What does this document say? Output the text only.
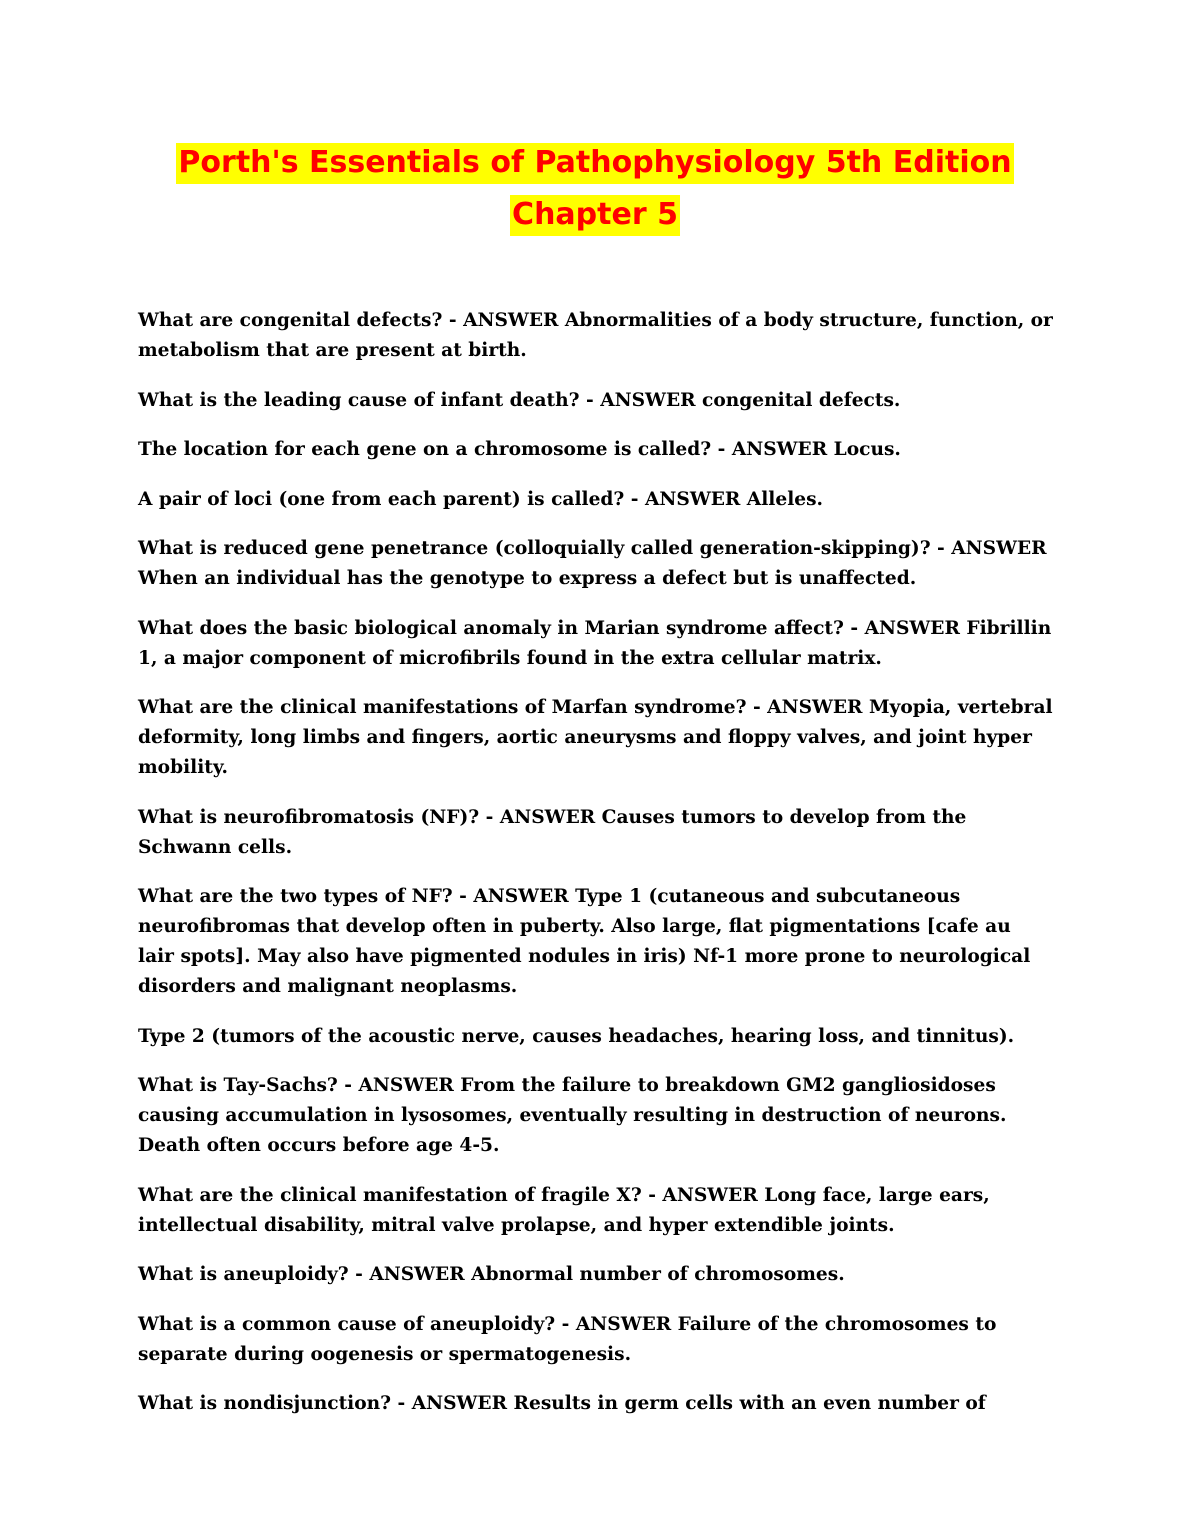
Porth's Essentials of Pathophysiology 5th Edition
Chapter 5

What are congenital defects? - ANSWER Abnormalities of a body structure, function, or metabolism that are present at birth.

What is the leading cause of infant death? - ANSWER congenital defects.

The location for each gene on a chromosome is called? - ANSWER Locus.

A pair of loci (one from each parent) is called? - ANSWER Alleles.

What is reduced gene penetrance (colloquially called generation-skipping)? - ANSWER When an individual has the genotype to express a defect but is unaffected.

What does the basic biological anomaly in Marian syndrome affect? - ANSWER Fibrillin 1, a major component of microfibrils found in the extra cellular matrix.

What are the clinical manifestations of Marfan syndrome? - ANSWER Myopia, vertebral deformity, long limbs and fingers, aortic aneurysms and floppy valves, and joint hyper mobility.

What is neurofibromatosis (NF)? - ANSWER Causes tumors to develop from the Schwann cells.

What are the two types of NF? - ANSWER Type 1 (cutaneous and subcutaneous neurofibromas that develop often in puberty. Also large, flat pigmentations [cafe au lair spots]. May also have pigmented nodules in iris) Nf-1 more prone to neurological disorders and malignant neoplasms.

Type 2 (tumors of the acoustic nerve, causes headaches, hearing loss, and tinnitus).

What is Tay-Sachs? - ANSWER From the failure to breakdown GM2 gangliosidoses causing accumulation in lysosomes, eventually resulting in destruction of neurons. Death often occurs before age 4-5.

What are the clinical manifestation of fragile X? - ANSWER Long face, large ears, intellectual disability, mitral valve prolapse, and hyper extendible joints.

What is aneuploidy? - ANSWER Abnormal number of chromosomes.

What is a common cause of aneuploidy? - ANSWER Failure of the chromosomes to separate during oogenesis or spermatogenesis.

What is nondisjunction? - ANSWER Results in germ cells with an even number of
